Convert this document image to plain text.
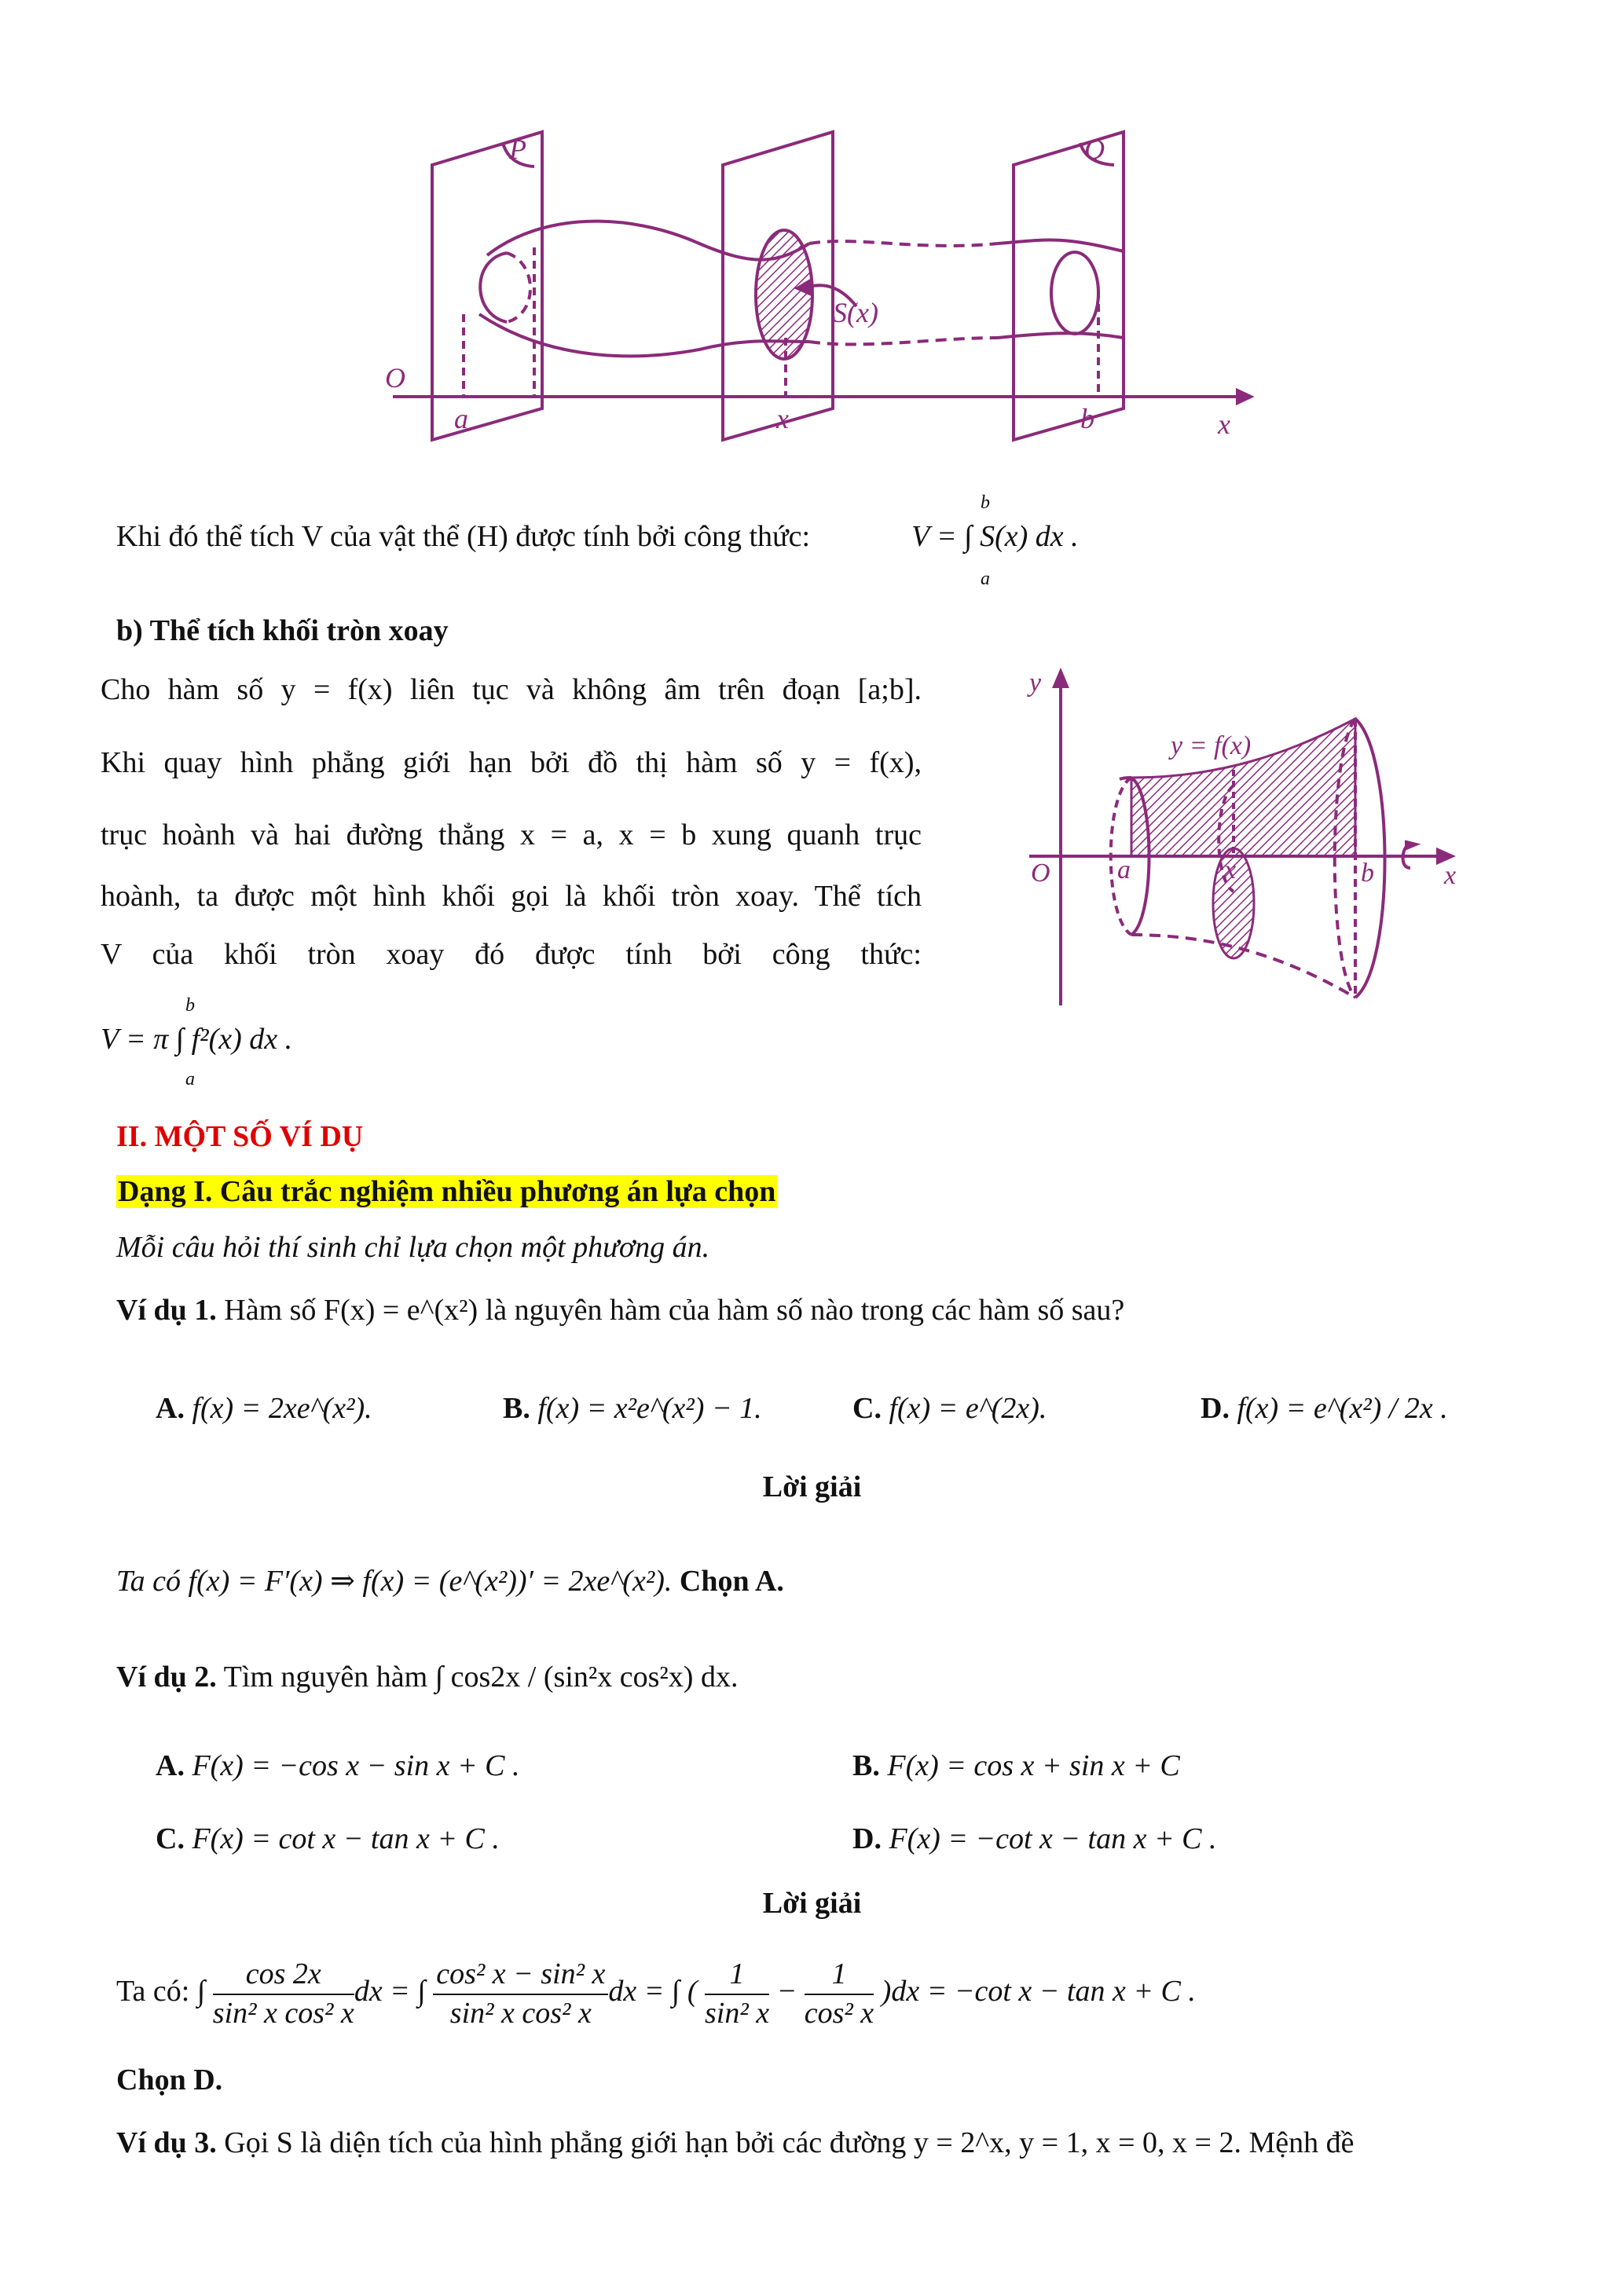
P	Q
O
a	x	b	x
S(x)
Khi đó thể tích V của vật thể (H) được tính bởi công thức:	V = ∫ S(x) dx .
b
a
b) Thể tích khối tròn xoay
Cho hàm số y = f(x) liên tục và không âm trên đoạn [a;b].
Khi quay hình phẳng giới hạn bởi đồ thị hàm số y = f(x),
trục hoành và hai đường thẳng x = a, x = b xung quanh trục
hoành, ta được một hình khối gọi là khối tròn xoay. Thể tích
V của khối tròn xoay đó được tính bởi công thức:
V = π ∫ f²(x) dx .
b
a
y
x
O
y = f(x)
a	x	b
II. MỘT SỐ VÍ DỤ
Dạng I. Câu trắc nghiệm nhiều phương án lựa chọn
Mỗi câu hỏi thí sinh chỉ lựa chọn một phương án.
Ví dụ 1. Hàm số F(x) = e^(x²) là nguyên hàm của hàm số nào trong các hàm số sau?
A. f(x) = 2xe^(x²).	B. f(x) = x²e^(x²) − 1.	C. f(x) = e^(2x).	D. f(x) = e^(x²) / 2x .
Lời giải
Ta có f(x) = F′(x) ⇒ f(x) = (e^(x²))′ = 2xe^(x²). Chọn A.
Ví dụ 2. Tìm nguyên hàm ∫ cos2x / (sin²x cos²x) dx.
A. F(x) = −cos x − sin x + C .	B. F(x) = cos x + sin x + C
C. F(x) = cot x − tan x + C .	D. F(x) = −cot x − tan x + C .
Lời giải
Ta có: ∫ $\frac{\cos 2x}{\text{sin² x cos² x}}$ dx = ∫ $\frac{\text{cos² x − sin² x}}{\text{sin² x cos² x}}$ dx = ∫ ( $\frac{1}{\text{sin² x}} - \frac{1}{\text{cos² x}} )dx = -\cot$ x − tan x + C .
Chọn D.
Ví dụ 3. Gọi S là diện tích của hình phẳng giới hạn bởi các đường y = 2^x, y = 1, x = 0, x = 2. Mệnh đề
